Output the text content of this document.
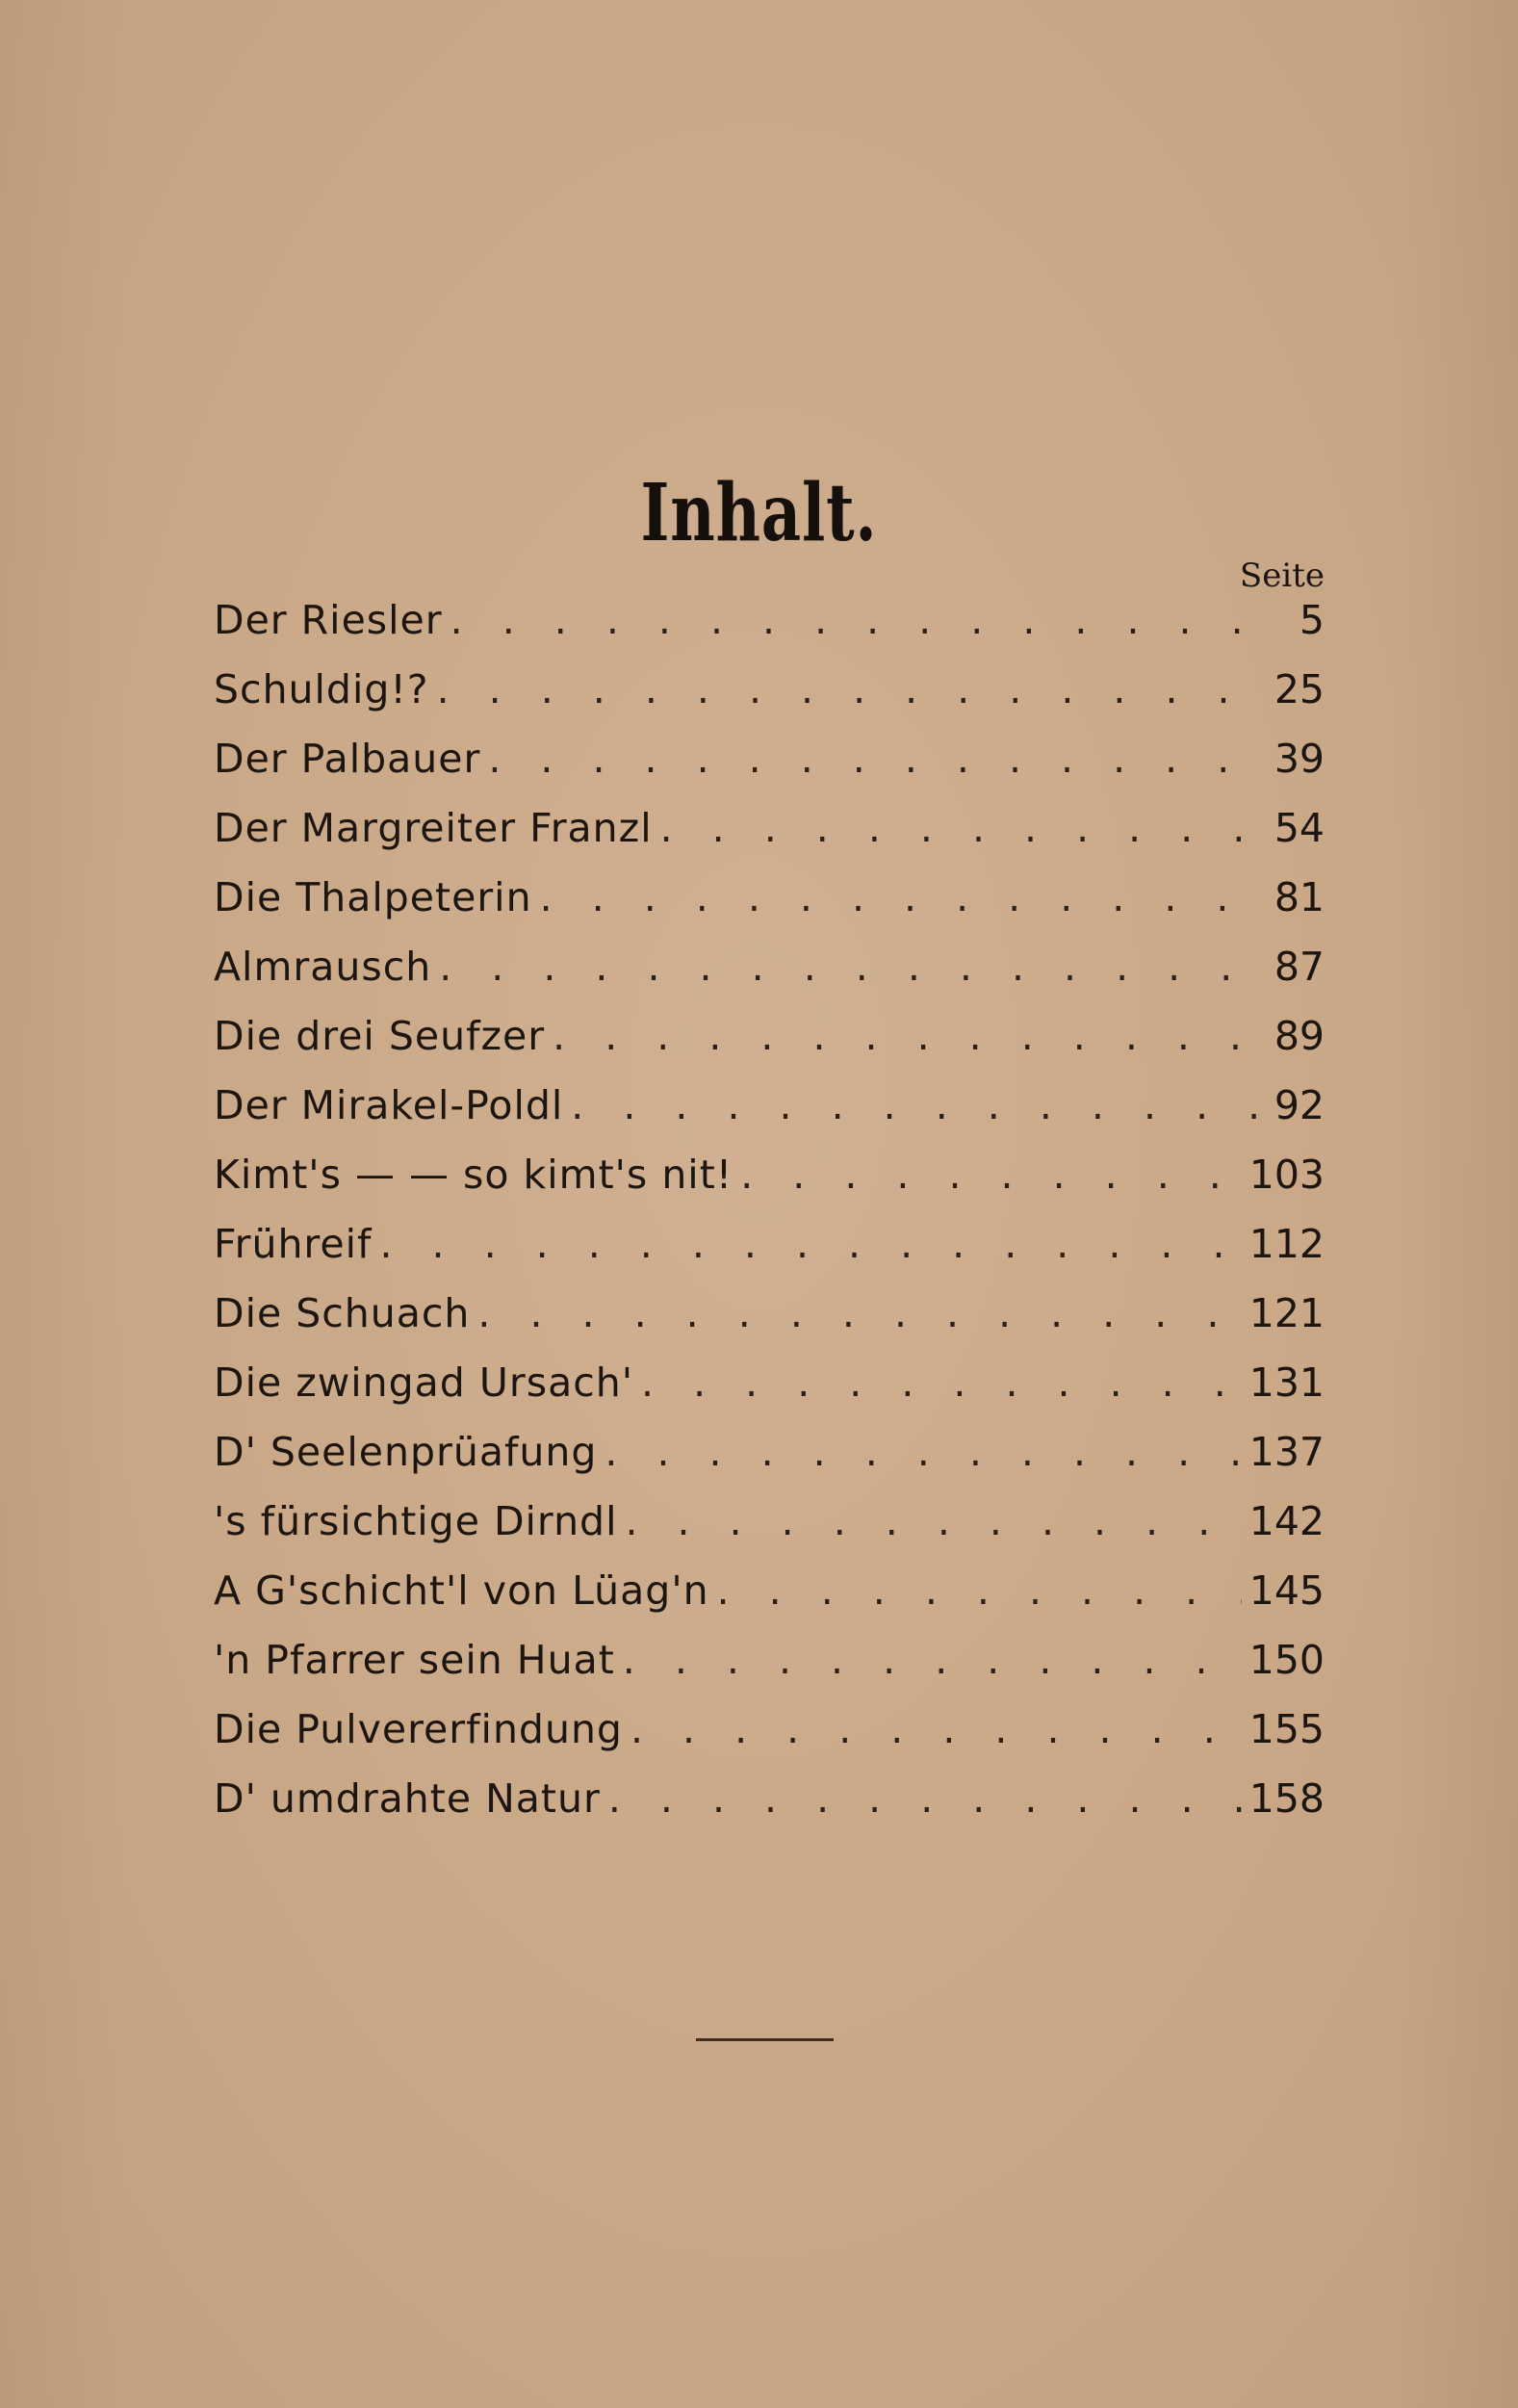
Inhalt.
Seite
Der Riesler . . .	5
Schuldig!? . . .	25
Der Palbauer . . .	39
Der Margreiter Franzl . . .	54
Die Thalpeterin . . .	81
Almrausch . . .	87
Die drei Seufzer . . .	89
Der Mirakel-Poldl . . .	92
Kimt's — — so kimt's nit! . . .	103
Frühreif . . .	112
Die Schuach . . .	121
Die zwingad Ursach' . . .	131
D' Seelenprüafung . . .	137
's fürsichtige Dirndl . . .	142
A G'schicht'l von Lüag'n . . .	145
'n Pfarrer sein Huat . . .	150
Die Pulvererfindung . . .	155
D' umdrahte Natur . . .	158
